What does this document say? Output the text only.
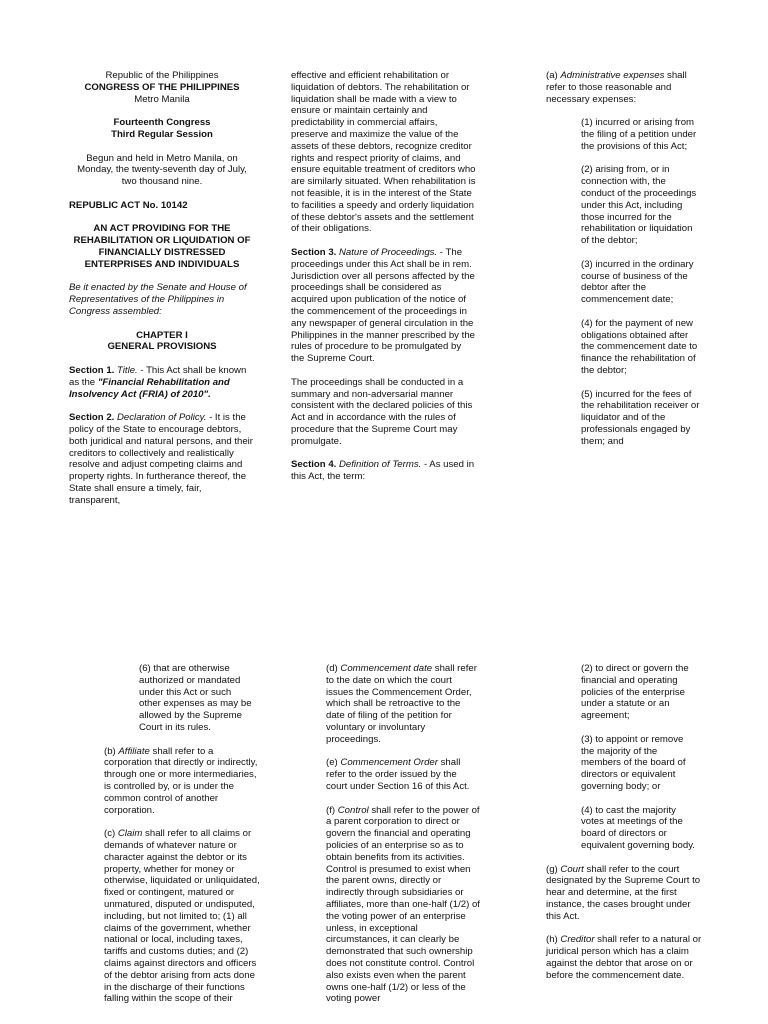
Republic of the Philippines
CONGRESS OF THE PHILIPPINES

Metro Manila

Fourteenth Congress

Third Regular Session

Begun and held in Metro Manila, on Monday, the twenty-seventh day of July, two thousand nine.

REPUBLIC ACT No. 10142

AN ACT PROVIDING FOR THE REHABILITATION OR LIQUIDATION OF FINANCIALLY DISTRESSED ENTERPRISES AND INDIVIDUALS

Be it enacted by the Senate and House of Representatives of the Philippines in Congress assembled:

CHAPTER I

GENERAL PROVISIONS

Section 1. Title. - This Act shall be known as the "Financial Rehabilitation and Insolvency Act (FRIA) of 2010".

Section 2. Declaration of Policy. - It is the policy of the State to encourage debtors, both juridical and natural persons, and their creditors to collectively and realistically resolve and adjust competing claims and property rights. In furtherance thereof, the State shall ensure a timely, fair, transparent,

effective and efficient rehabilitation or liquidation of debtors. The rehabilitation or liquidation shall be made with a view to ensure or maintain certainly and predictability in commercial affairs, preserve and maximize the value of the assets of these debtors, recognize creditor rights and respect priority of claims, and ensure equitable treatment of creditors who are similarly situated. When rehabilitation is not feasible, it is in the interest of the State to facilities a speedy and orderly liquidation of these debtor's assets and the settlement of their obligations.

Section 3. Nature of Proceedings. - The proceedings under this Act shall be in rem. Jurisdiction over all persons affected by the proceedings shall be considered as acquired upon publication of the notice of the commencement of the proceedings in any newspaper of general circulation in the Philippines in the manner prescribed by the rules of procedure to be promulgated by the Supreme Court.

The proceedings shall be conducted in a summary and non-adversarial manner consistent with the declared policies of this Act and in accordance with the rules of procedure that the Supreme Court may promulgate.

Section 4. Definition of Terms. - As used in this Act, the term:

(a) Administrative expenses shall refer to those reasonable and necessary expenses:

(1) incurred or arising from the filing of a petition under the provisions of this Act;

(2) arising from, or in connection with, the conduct of the proceedings under this Act, including those incurred for the rehabilitation or liquidation of the debtor;

(3) incurred in the ordinary course of business of the debtor after the commencement date;

(4) for the payment of new obligations obtained after the commencement date to finance the rehabilitation of the debtor;

(5) incurred for the fees of the rehabilitation receiver or liquidator and of the professionals engaged by them; and

(6) that are otherwise authorized or mandated under this Act or such other expenses as may be allowed by the Supreme Court in its rules.

(b) Affiliate shall refer to a corporation that directly or indirectly, through one or more intermediaries, is controlled by, or is under the common control of another corporation.

(c) Claim shall refer to all claims or demands of whatever nature or character against the debtor or its property, whether for money or otherwise, liquidated or unliquidated, fixed or contingent, matured or unmatured, disputed or undisputed, including, but not limited to; (1) all claims of the government, whether national or local, including taxes, tariffs and customs duties; and (2) claims against directors and officers of the debtor arising from acts done in the discharge of their functions falling within the scope of their

(d) Commencement date shall refer to the date on which the court issues the Commencement Order, which shall be retroactive to the date of filing of the petition for voluntary or involuntary proceedings.

(e) Commencement Order shall refer to the order issued by the court under Section 16 of this Act.

(f) Control shall refer to the power of a parent corporation to direct or govern the financial and operating policies of an enterprise so as to obtain benefits from its activities. Control is presumed to exist when the parent owns, directly or indirectly through subsidiaries or affiliates, more than one-half (1/2) of the voting power of an enterprise unless, in exceptional circumstances, it can clearly be demonstrated that such ownership does not constitute control. Control also exists even when the parent owns one-half (1/2) or less of the voting power

(2) to direct or govern the financial and operating policies of the enterprise under a statute or an agreement;

(3) to appoint or remove the majority of the members of the board of directors or equivalent governing body; or

(4) to cast the majority votes at meetings of the board of directors or equivalent governing body.

(g) Court shall refer to the court designated by the Supreme Court to hear and determine, at the first instance, the cases brought under this Act.

(h) Creditor shall refer to a natural or juridical person which has a claim against the debtor that arose on or before the commencement date.
